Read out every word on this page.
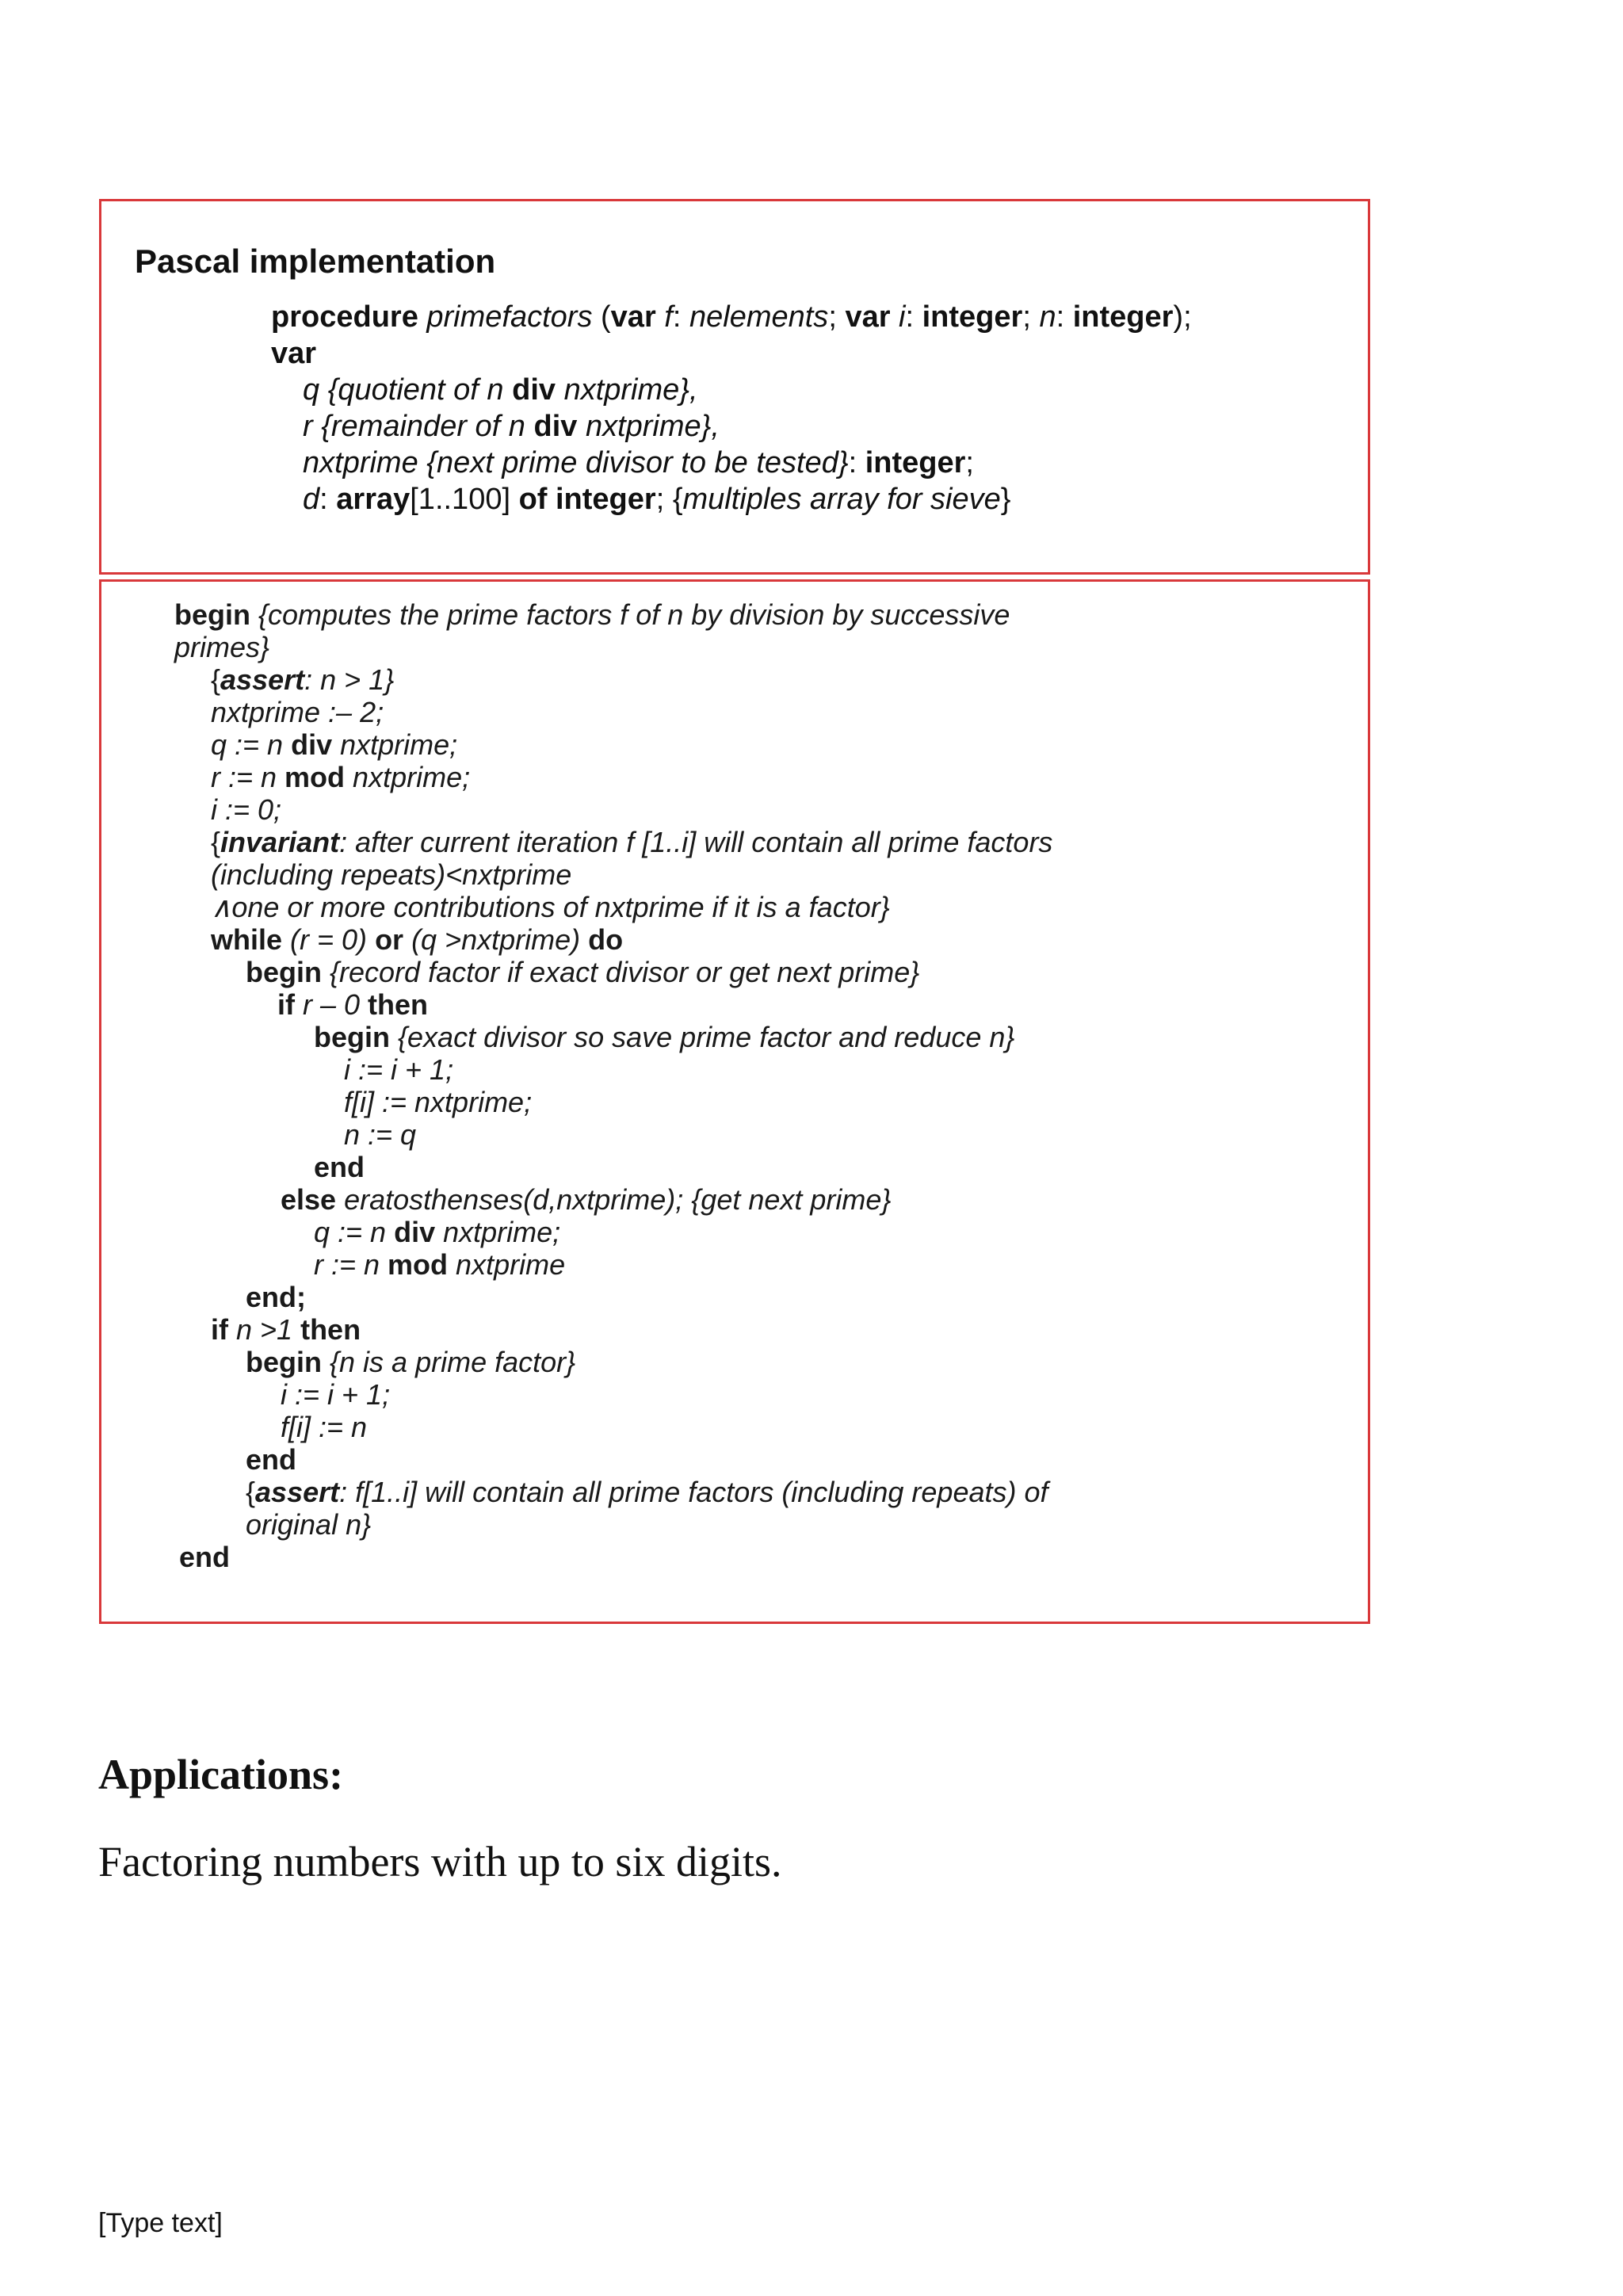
Pascal implementation
procedure primefactors (var f: nelements; var i: integer; n: integer);
var
q {quotient of n div nxtprime},
r {remainder of n div nxtprime},
nxtprime {next prime divisor to be tested}: integer;
d: array[1..100] of integer; {multiples array for sieve}
begin {computes the prime factors f of n by division by successive
primes}
{assert: n > 1}
nxtprime :– 2;
q := n div nxtprime;
r := n mod nxtprime;
i := 0;
{invariant: after current iteration f [1..i] will contain all prime factors
(including repeats)<nxtprime
∧one or more contributions of nxtprime if it is a factor}
while (r = 0) or (q >nxtprime) do
begin {record factor if exact divisor or get next prime}
if r – 0 then
begin {exact divisor so save prime factor and reduce n}
i := i + 1;
f[i] := nxtprime;
n := q
end
else eratosthenses(d,nxtprime); {get next prime}
q := n div nxtprime;
r := n mod nxtprime
end;
if n >1 then
begin {n is a prime factor}
i := i + 1;
f[i] := n
end
{assert: f[1..i] will contain all prime factors (including repeats) of
original n}
end
Applications:
Factoring numbers with up to six digits.
[Type text]
